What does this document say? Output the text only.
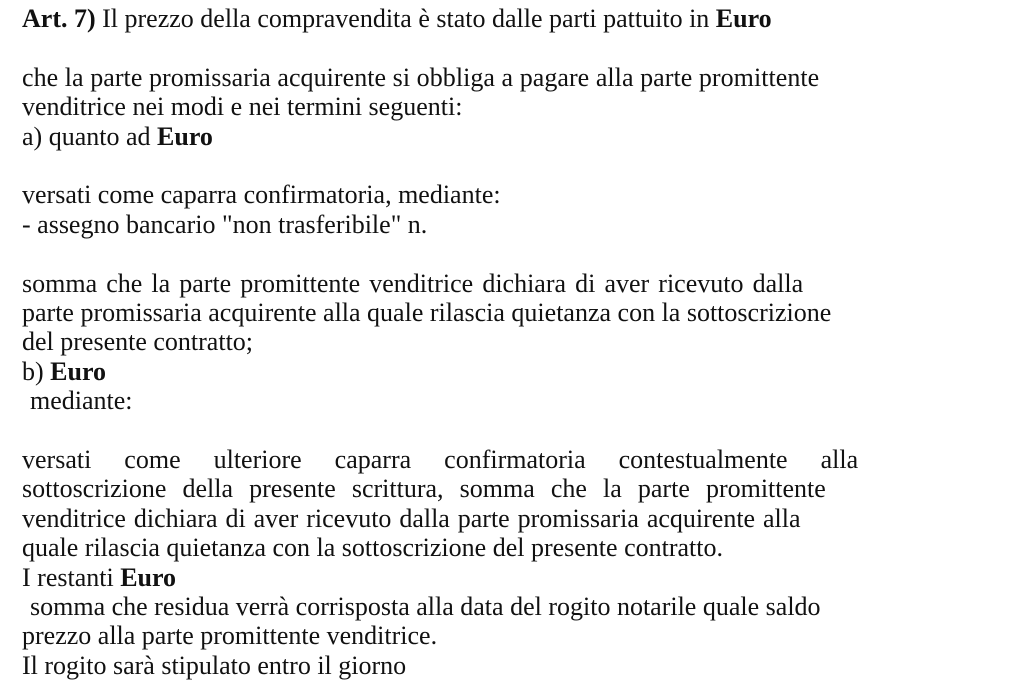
Art. 7) Il prezzo della compravendita è stato dalle parti pattuito in Euro
che la parte promissaria acquirente si obbliga a pagare alla parte promittente
venditrice nei modi e nei termini seguenti:
a) quanto ad Euro
versati come caparra confirmatoria, mediante:
- assegno bancario "non trasferibile" n.
somma che la parte promittente venditrice dichiara di aver ricevuto dalla
parte promissaria acquirente alla quale rilascia quietanza con la sottoscrizione
del presente contratto;
b) Euro
mediante:
versati come ulteriore caparra confirmatoria contestualmente alla
sottoscrizione della presente scrittura, somma che la parte promittente
venditrice dichiara di aver ricevuto dalla parte promissaria acquirente alla
quale rilascia quietanza con la sottoscrizione del presente contratto.
I restanti Euro
somma che residua verrà corrisposta alla data del rogito notarile quale saldo
prezzo alla parte promittente venditrice.
Il rogito sarà stipulato entro il giorno
